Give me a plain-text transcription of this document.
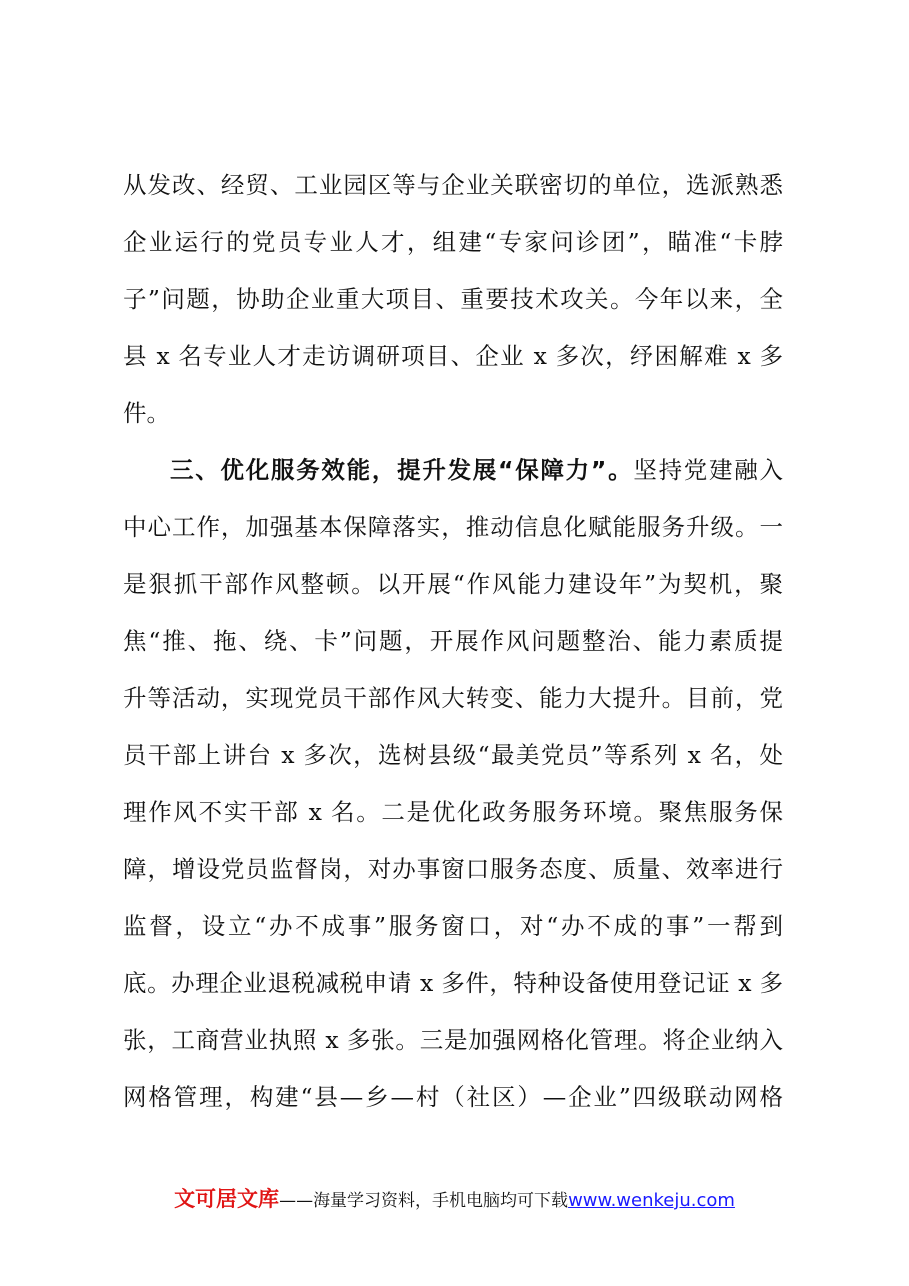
从发改、经贸、工业园区等与企业关联密切的单位，选派熟悉
企业运行的党员专业人才，组建“专家问诊团”，瞄准“卡脖
子”问题，协助企业重大项目、重要技术攻关。今年以来，全
县 x 名专业人才走访调研项目、企业 x 多次，纾困解难 x 多
件。
三、优化服务效能，提升发展“保障力”。坚持党建融入
中心工作，加强基本保障落实，推动信息化赋能服务升级。一
是狠抓干部作风整顿。以开展“作风能力建设年”为契机，聚
焦“推、拖、绕、卡”问题，开展作风问题整治、能力素质提
升等活动，实现党员干部作风大转变、能力大提升。目前，党
员干部上讲台 x 多次，选树县级“最美党员”等系列 x 名，处
理作风不实干部 x 名。二是优化政务服务环境。聚焦服务保
障，增设党员监督岗，对办事窗口服务态度、质量、效率进行
监督，设立“办不成事”服务窗口，对“办不成的事”一帮到
底。办理企业退税减税申请 x 多件，特种设备使用登记证 x 多
张，工商营业执照 x 多张。三是加强网格化管理。将企业纳入
网格管理，构建“县—乡—村（社区）—企业”四级联动网格
文可居文库——海量学习资料，手机电脑均可下载www.wenkeju.com
